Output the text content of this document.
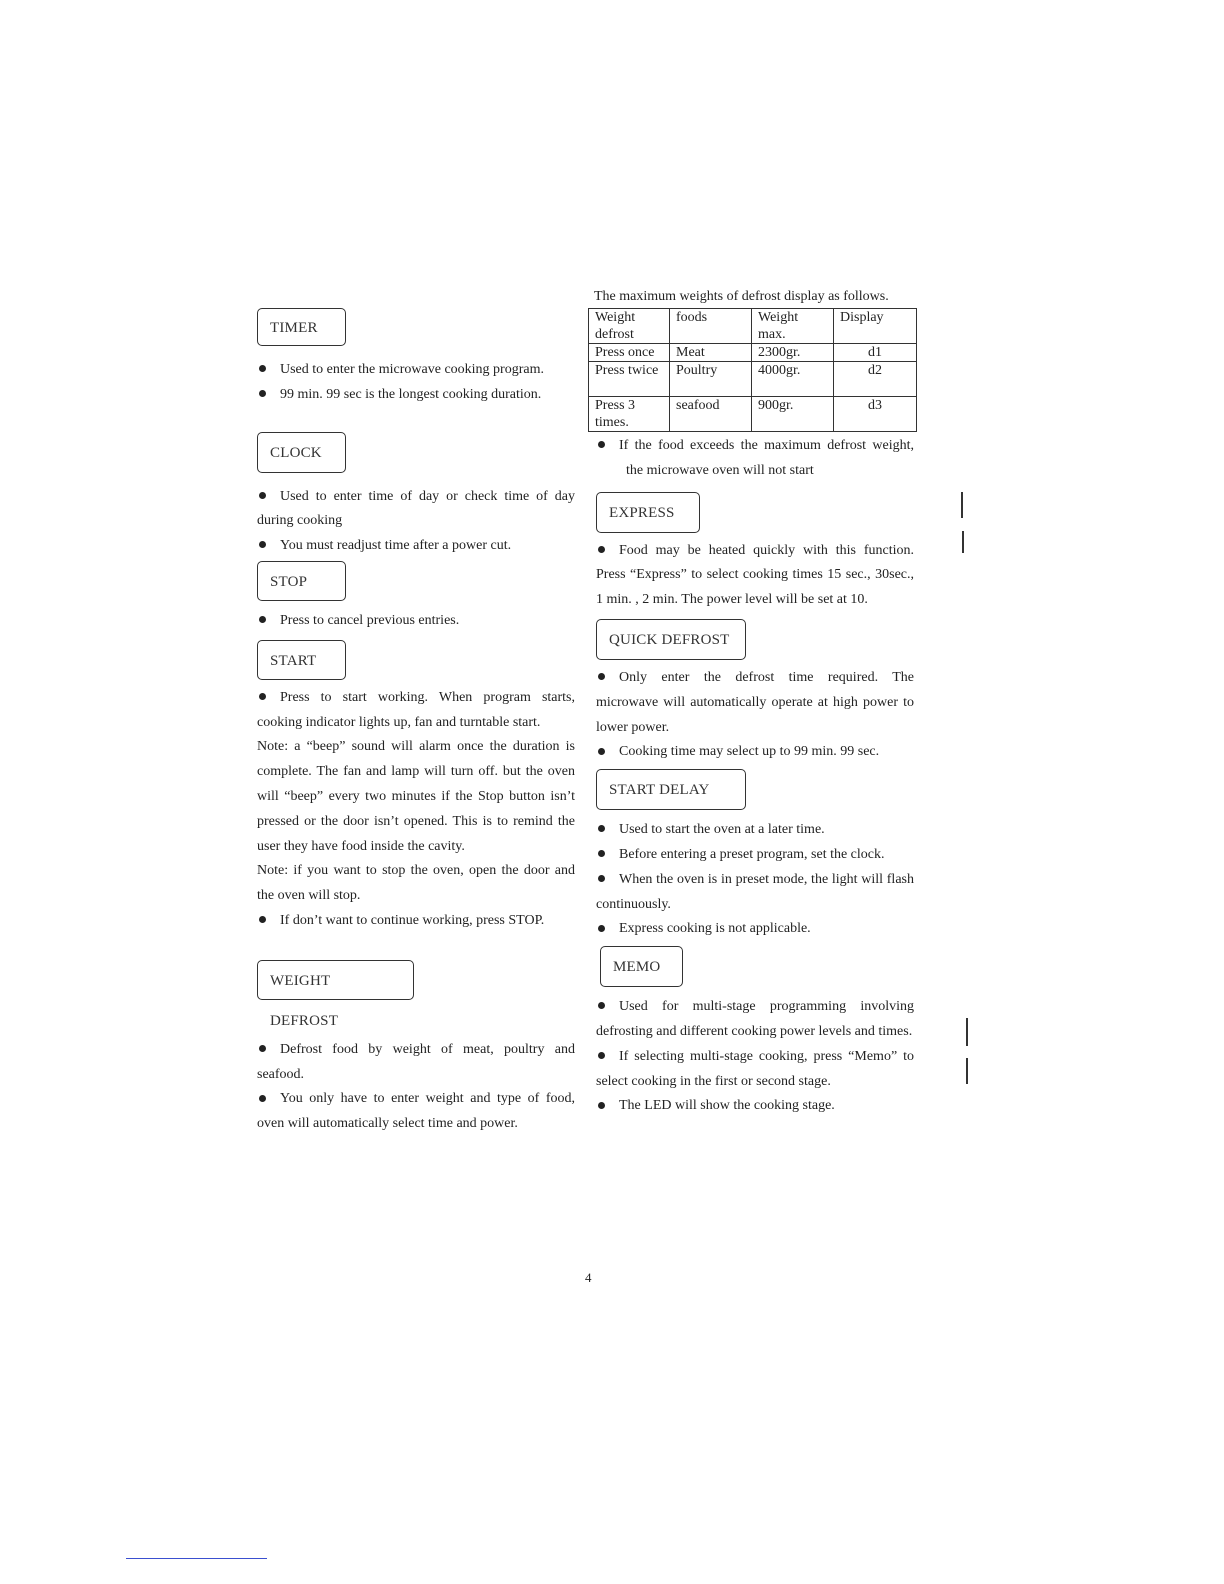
TIMER

Used to enter the microwave cooking program.

99 min. 99 sec is the longest cooking duration.

CLOCK

Used to enter time of day or check time of day during cooking

You must readjust time after a power cut.

STOP

Press to cancel previous entries.

START

Press to start working. When program starts, cooking indicator lights up, fan and turntable start.

Note: a “beep” sound will alarm once the duration is complete. The fan and lamp will turn off. but the oven will “beep” every two minutes if the Stop button isn’t pressed or the door isn’t opened. This is to remind the user they have food inside the cavity.

Note: if you want to stop the oven, open the door and the oven will stop.

If don’t want to continue working, press STOP.

WEIGHT DEFROST

Defrost food by weight of meat, poultry and seafood.

You only have to enter weight and type of food, oven will automatically select time and power.

The maximum weights of defrost display as follows.

Weight defrost	foods	Weight max.	Display
Press once	Meat	2300gr.	d1
Press twice	Poultry	4000gr.	d2
Press 3 times.	seafood	900gr.	d3

If the food exceeds the maximum defrost weight, the microwave oven will not start

EXPRESS

Food may be heated quickly with this function. Press “Express” to select cooking times 15 sec., 30sec., 1 min. , 2 min. The power level will be set at 10.

QUICK DEFROST

Only enter the defrost time required. The microwave will automatically operate at high power to lower power.

Cooking time may select up to 99 min. 99 sec.

START DELAY

Used to start the oven at a later time.

Before entering a preset program, set the clock.

When the oven is in preset mode, the light will flash continuously.

Express cooking is not applicable.

MEMO

Used for multi-stage programming involving defrosting and different cooking power levels and times.

If selecting multi-stage cooking, press “Memo” to select cooking in the first or second stage.

The LED will show the cooking stage.

4
